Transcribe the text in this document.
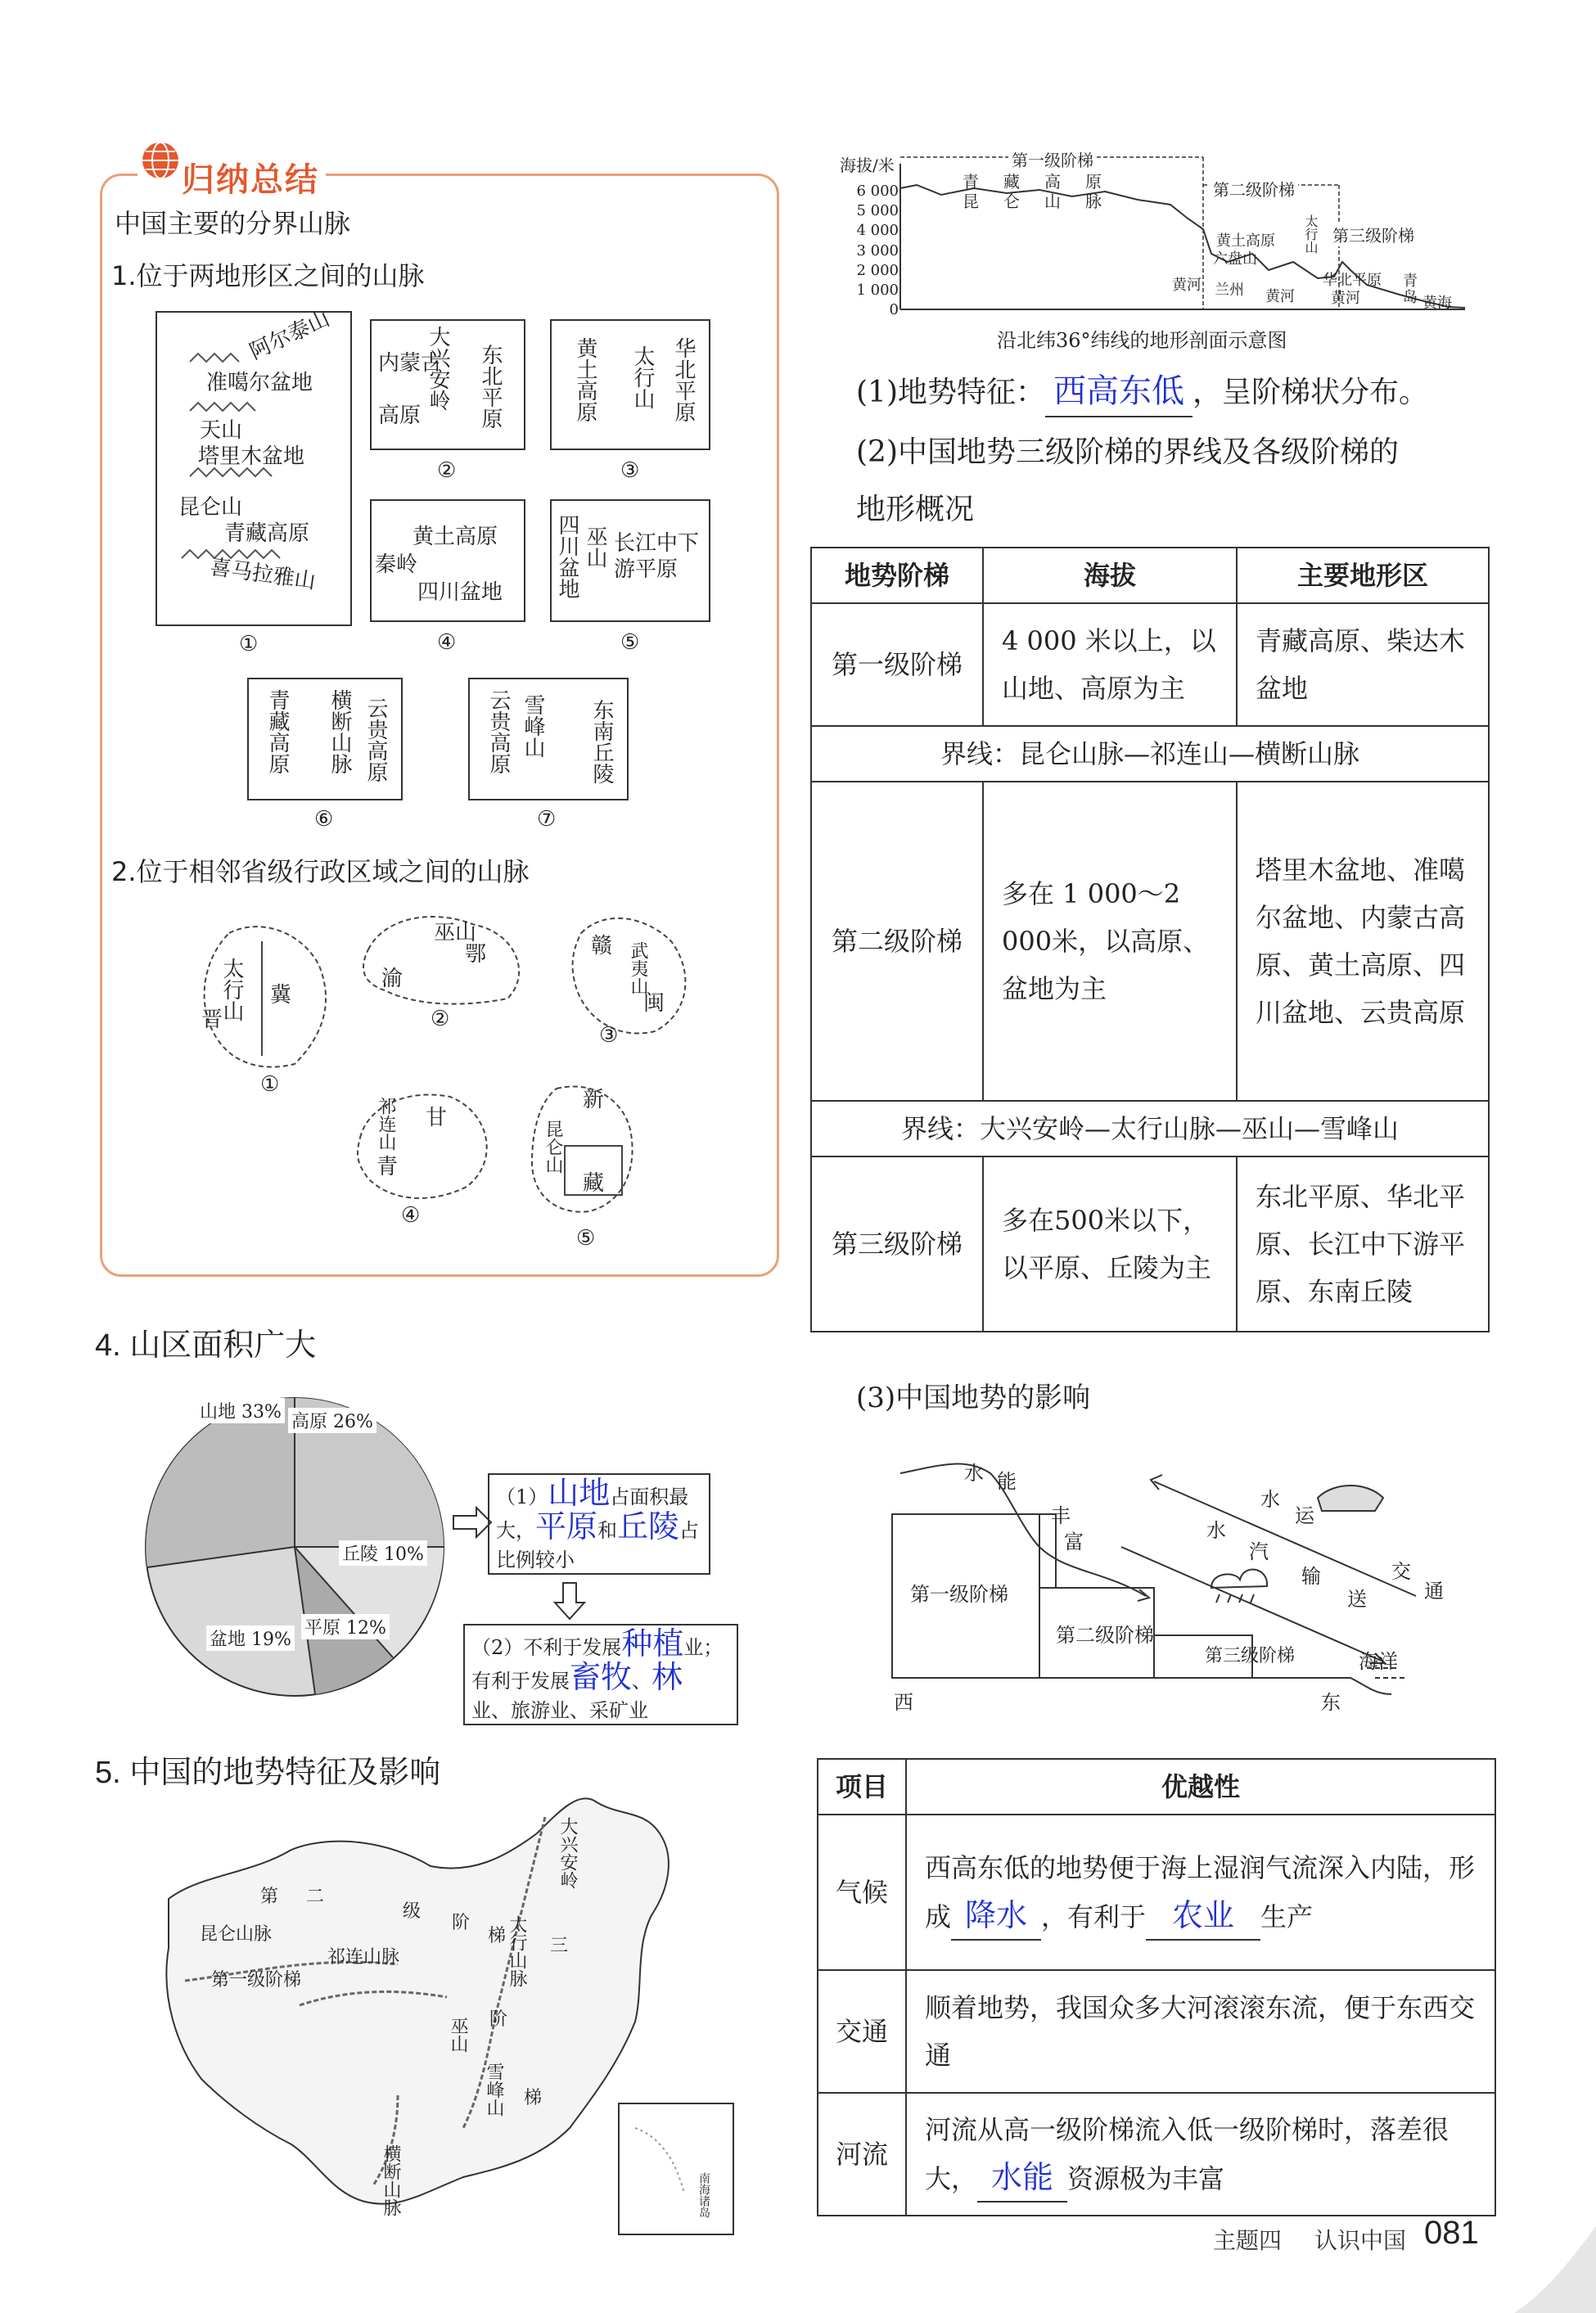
归纳总结
中国主要的分界山脉
1.位于两地形区之间的山脉
阿尔泰山
准噶尔盆地
天山
塔里木盆地
昆仑山
青藏高原
喜马拉雅山
①
内蒙古
高原
大兴安岭 东北平原
②
黄土高原 太行山 华北平原
③
黄土高原
秦岭
四川盆地
④
四川盆地 巫山 长江中下游平原
⑤
青藏高原 横断山脉 云贵高原
⑥
云贵高原 雪峰山 东南丘陵
⑦
2.位于相邻省级行政区域之间的山脉
太行山 冀
晋
①
巫山
鄂
渝
②
赣 武夷山
闽
③
祁连山 甘
青
④
新
昆仑山
藏
⑤
4. 山区面积广大
山地 33% 高原 26%
丘陵 10%
平原 12%
盆地 19%
（1）山地占面积最
大，平原和丘陵占
比例较小
（2）不利于发展种植业；
有利于发展畜牧、林
业、旅游业、采矿业
5. 中国的地势特征及影响
第 二
级
阶
梯
第一级阶梯
昆仑山脉
祁连山脉
大兴安岭
太行山脉
巫山
雪峰山
横断山脉
三
阶
梯
南海诸岛
海拔/米
6 000
5 000
4 000
3 000
2 000
1 000
0
第一级阶梯
第二级阶梯
第三级阶梯
青藏高原
昆仑山脉
黄土高原
六盘山
黄河 兰州 黄河
太行山
华北平原
黄河
青岛 黄海
沿北纬36°纬线的地形剖面示意图
(1)地势特征： 西高东低 ，呈阶梯状分布。
(2)中国地势三级阶梯的界线及各级阶梯的
地形概况
地势阶梯	海拔	主要地形区
第一级阶梯	4 000 米以上，以山地、高原为主	青藏高原、柴达木盆地
界线：昆仑山脉—祁连山—横断山脉		
第二级阶梯	多在 1 000～2 000米，以高原、盆地为主	塔里木盆地、准噶尔盆地、内蒙古高原、黄土高原、四川盆地、云贵高原
界线：大兴安岭—太行山脉—巫山—雪峰山		
第三级阶梯	多在500米以下，以平原、丘陵为主	东北平原、华北平原、长江中下游平原、东南丘陵
(3)中国地势的影响
水 能
丰
富
第一级阶梯
第二级阶梯
第三级阶梯	海洋
西	东
水
运
水
汽
输
送
交
通
项目	优越性
气候	西高东低的地势便于海上湿润气流深入内陆，形成 降水 ，有利于 农业 生产
交通	顺着地势，我国众多大河滚滚东流，便于东西交通
河流	河流从高一级阶梯流入低一级阶梯时，落差很大， 水能 资源极为丰富
主题四 认识中国 081
